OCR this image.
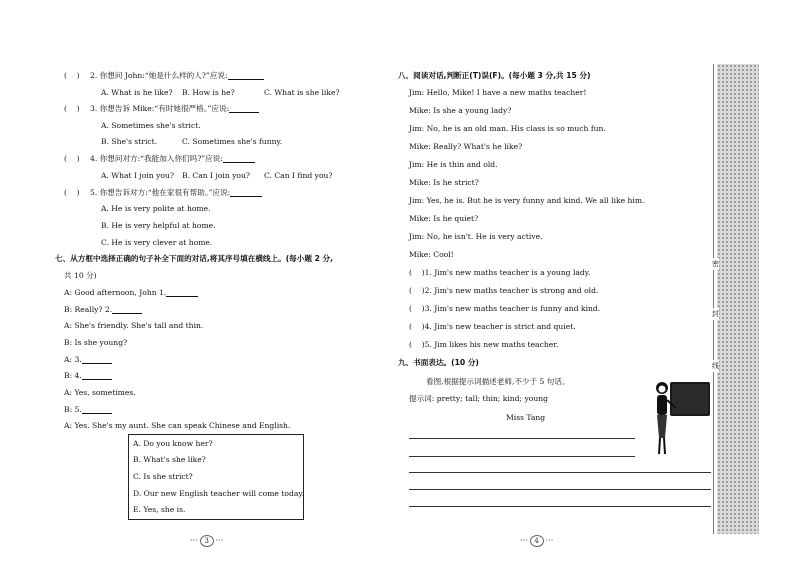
( ) 2. 你想问 John:“她是什么样的人?”应说:
A. What is he like? B. How is he?	C. What is she like?
( ) 3. 你想告诉 Mike:“有时她很严格。”应说:
A. Sometimes she's strict.
B. She's strict.	C. Sometimes she's funny.
( ) 4. 你想问对方:“我能加入你们吗?”应说:
A. What I join you? B. Can I join you? C. Can I find you?
( ) 5. 你想告诉对方:“他在家很有帮助。”应说:
A. He is very polite at home.
B. He is very helpful at home.
C. He is very clever at home.
七、从方框中选择正确的句子补全下面的对话,将其序号填在横线上。(每小题 2 分,
共 10 分)
A: Good afternoon, John 1.
B: Really? 2.
A: She's friendly. She's tall and thin.
B: Is she young?
A: 3.
B: 4.
A: Yes, sometimes.
B: 5.
A: Yes. She's my aunt. She can speak Chinese and English.
A. Do you know her?
B. What's she like?
C. Is she strict?
D. Our new English teacher will come today.
E. Yes, she is.
··· 3 ···
八、阅读对话,判断正(T)误(F)。(每小题 3 分,共 15 分)
Jim: Hello, Mike! I have a new maths teacher!
Mike: Is she a young lady?
Jim: No, he is an old man. His class is so much fun.
Mike: Really? What's he like?
Jim: He is thin and old.
Mike: Is he strict?
Jim: Yes, he is. But he is very funny and kind. We all like him.
Mike: Is he quiet?
Jim: No, he isn't. He is very active.
Mike: Cool!
(    )1. Jim's new maths teacher is a young lady.
(    )2. Jim's new maths teacher is strong and old.
(    )3. Jim's new maths teacher is funny and kind.
(    )4. Jim's new teacher is strict and quiet.
(    )5. Jim likes his new maths teacher.
九、书面表达。(10 分)
看图,根据提示词描述老师,不少于 5 句话。
提示词: pretty; tall; thin; kind; young
Miss Tang
··· 4 ···
密
封
线
